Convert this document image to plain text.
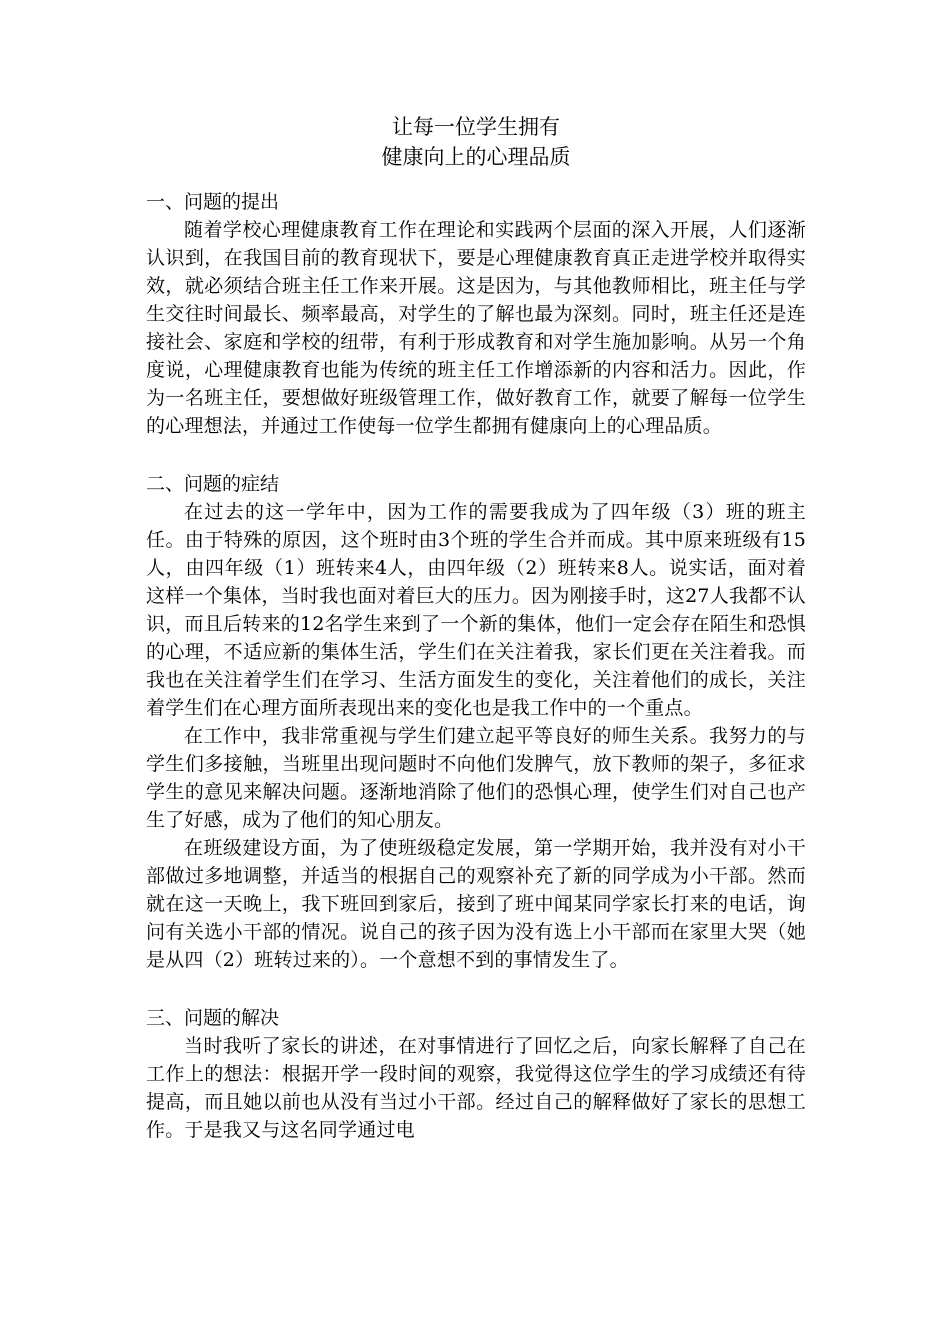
让每一位学生拥有
健康向上的心理品质
一、问题的提出

随着学校心理健康教育工作在理论和实践两个层面的深入开展，人们逐渐认识到，在我国目前的教育现状下，要是心理健康教育真正走进学校并取得实效，就必须结合班主任工作来开展。这是因为，与其他教师相比，班主任与学生交往时间最长、频率最高，对学生的了解也最为深刻。同时，班主任还是连接社会、家庭和学校的纽带，有利于形成教育和对学生施加影响。从另一个角度说，心理健康教育也能为传统的班主任工作增添新的内容和活力。因此，作为一名班主任，要想做好班级管理工作，做好教育工作，就要了解每一位学生的心理想法，并通过工作使每一位学生都拥有健康向上的心理品质。

二、问题的症结

在过去的这一学年中，因为工作的需要我成为了四年级（3）班的班主任。由于特殊的原因，这个班时由3个班的学生合并而成。其中原来班级有15人，由四年级（1）班转来4人，由四年级（2）班转来8人。说实话，面对着这样一个集体，当时我也面对着巨大的压力。因为刚接手时，这27人我都不认识，而且后转来的12名学生来到了一个新的集体，他们一定会存在陌生和恐惧的心理，不适应新的集体生活，学生们在关注着我，家长们更在关注着我。而我也在关注着学生们在学习、生活方面发生的变化，关注着他们的成长，关注着学生们在心理方面所表现出来的变化也是我工作中的一个重点。

在工作中，我非常重视与学生们建立起平等良好的师生关系。我努力的与学生们多接触，当班里出现问题时不向他们发脾气，放下教师的架子，多征求学生的意见来解决问题。逐渐地消除了他们的恐惧心理，使学生们对自己也产生了好感，成为了他们的知心朋友。

在班级建设方面，为了使班级稳定发展，第一学期开始，我并没有对小干部做过多地调整，并适当的根据自己的观察补充了新的同学成为小干部。然而就在这一天晚上，我下班回到家后，接到了班中闻某同学家长打来的电话，询问有关选小干部的情况。说自己的孩子因为没有选上小干部而在家里大哭（她是从四（2）班转过来的）。一个意想不到的事情发生了。

三、问题的解决

当时我听了家长的讲述，在对事情进行了回忆之后，向家长解释了自己在工作上的想法：根据开学一段时间的观察，我觉得这位学生的学习成绩还有待提高，而且她以前也从没有当过小干部。经过自己的解释做好了家长的思想工作。于是我又与这名同学通过电
